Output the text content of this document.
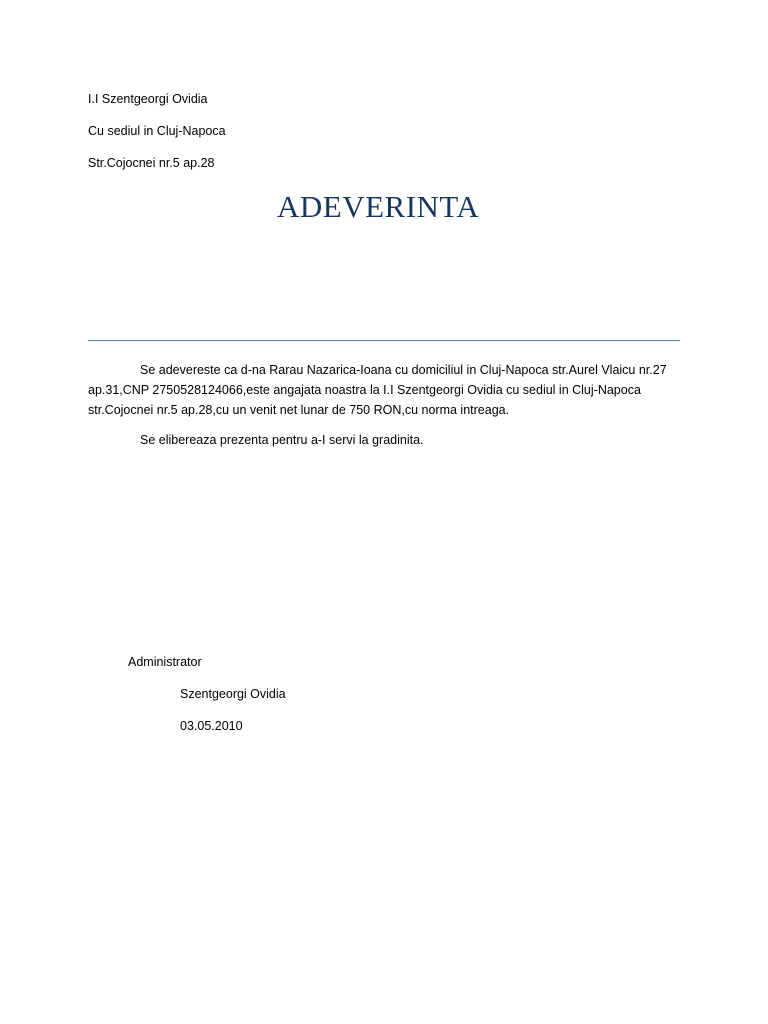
I.I Szentgeorgi Ovidia
Cu sediul in Cluj-Napoca
Str.Cojocnei nr.5 ap.28
ADEVERINTA
Se adevereste ca d-na Rarau Nazarica-Ioana cu domiciliul in Cluj-Napoca str.Aurel Vlaicu nr.27 ap.31,CNP 2750528124066,este angajata noastra la I.I Szentgeorgi Ovidia cu sediul in Cluj-Napoca str.Cojocnei nr.5 ap.28,cu un venit net lunar de 750 RON,cu norma intreaga.
Se elibereaza prezenta pentru a-I servi la gradinita.
Administrator
Szentgeorgi Ovidia
03.05.2010
